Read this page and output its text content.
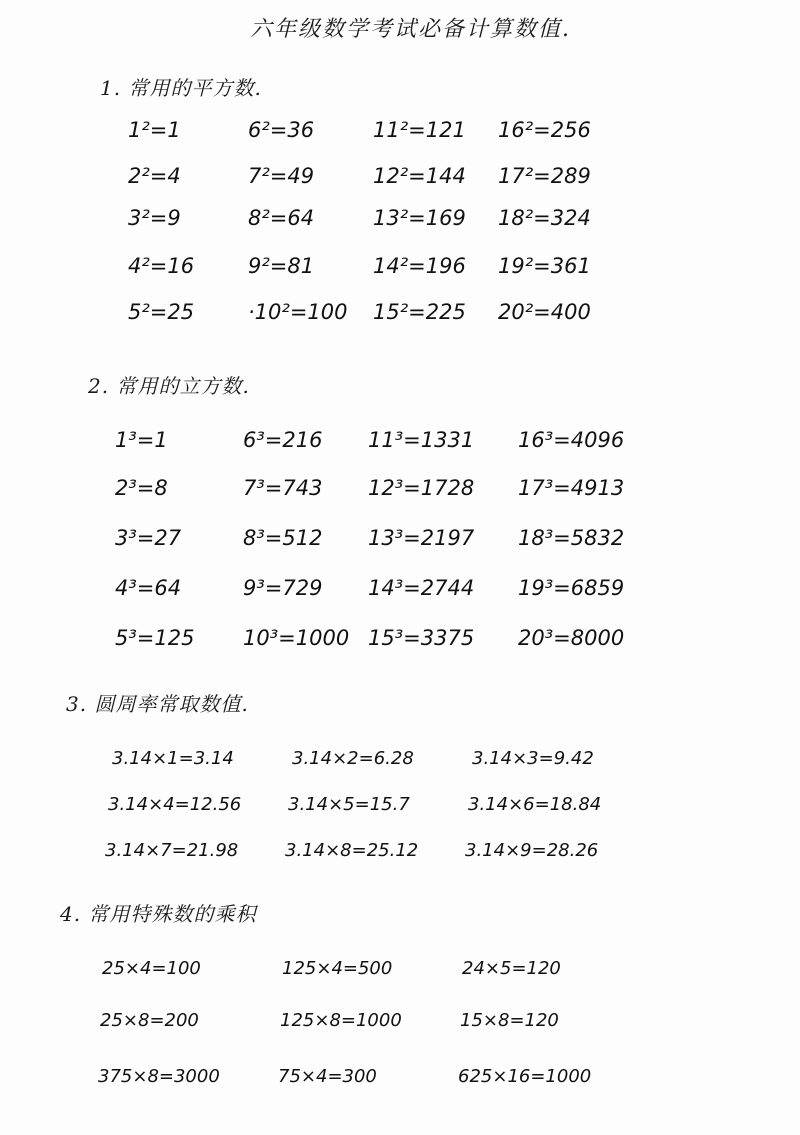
六年级数学考试必备计算数值.
1. 常用的平方数.
1²=1	6²=36	11²=121	16²=256
2²=4	7²=49	12²=144	17²=289
3²=9	8²=64	13²=169	18²=324
4²=16	9²=81	14²=196	19²=361
5²=25	·10²=100	15²=225	20²=400
2. 常用的立方数.
1³=1	6³=216	11³=1331	16³=4096
2³=8	7³=743	12³=1728	17³=4913
3³=27	8³=512	13³=2197	18³=5832
4³=64	9³=729	14³=2744	19³=6859
5³=125	10³=1000 15³=3375	20³=8000
3. 圆周率常取数值.
3.14×1=3.14	3.14×2=6.28	3.14×3=9.42
3.14×4=12.56	3.14×5=15.7	3.14×6=18.84
3.14×7=21.98	3.14×8=25.12	3.14×9=28.26
4. 常用特殊数的乘积
25×4=100	125×4=500	24×5=120
25×8=200	125×8=1000	15×8=120
375×8=3000	75×4=300	625×16=1000
